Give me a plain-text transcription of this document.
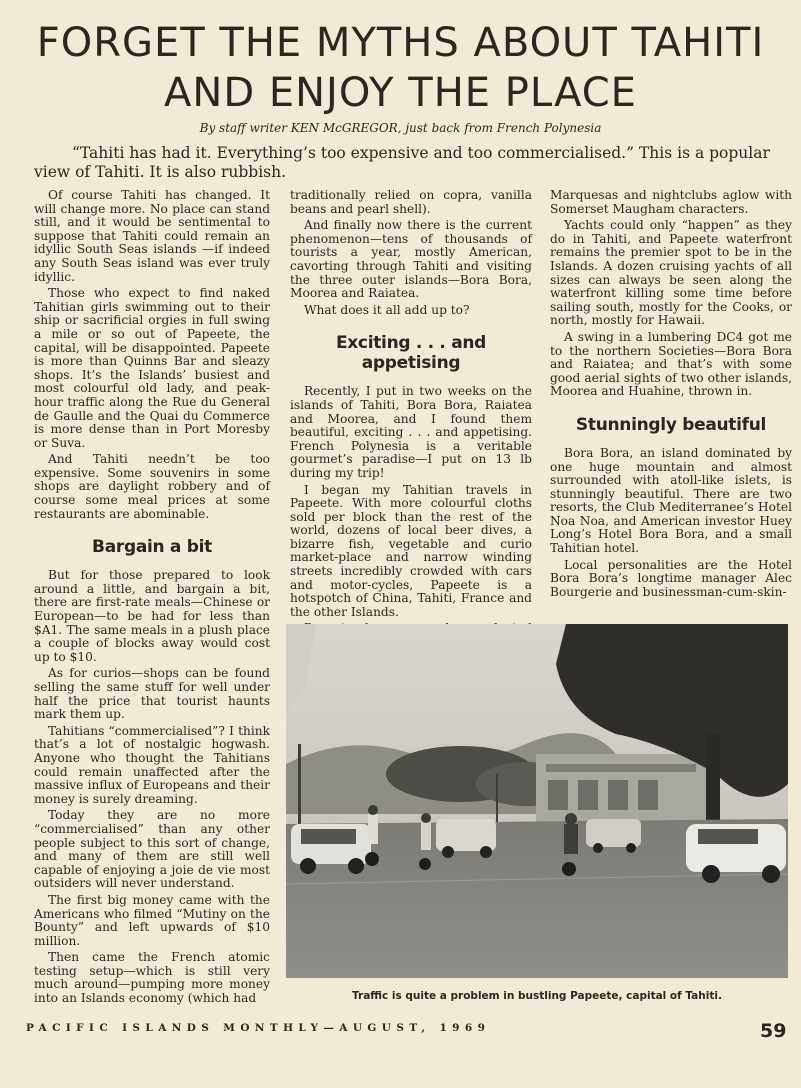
FORGET THE MYTHS ABOUT TAHITI
AND ENJOY THE PLACE
By staff writer KEN McGREGOR, just back from French Polynesia

“Tahiti has had it. Everything’s too expensive and too commercialised.” This is a popular view of Tahiti. It is also rubbish.

Of course Tahiti has changed. It will change more. No place can stand still, and it would be sentimental to suppose that Tahiti could remain an idyllic South Seas islands —if indeed any South Seas island was ever truly idyllic.

Those who expect to find naked Tahitian girls swimming out to their ship or sacrificial orgies in full swing a mile or so out of Papeete, the capital, will be disappointed. Papeete is more than Quinns Bar and sleazy shops. It’s the Islands’ busiest and most colourful old lady, and peak-hour traffic along the Rue du General de Gaulle and the Quai du Commerce is more dense than in Port Moresby or Suva.

And Tahiti needn’t be too expensive. Some souvenirs in some shops are daylight robbery and of course some meal prices at some restaurants are abominable.

Bargain a bit

But for those prepared to look around a little, and bargain a bit, there are first-rate meals—Chinese or European—to be had for less than $A1. The same meals in a plush place a couple of blocks away would cost up to $10.

As for curios—shops can be found selling the same stuff for well under half the price that tourist haunts mark them up.

Tahitians “commercialised”? I think that’s a lot of nostalgic hogwash. Anyone who thought the Tahitians could remain unaffected after the massive influx of Europeans and their money is surely dreaming.

Today they are no more “commercialised” than any other people subject to this sort of change, and many of them are still well capable of enjoying a joie de vie most outsiders will never understand.

The first big money came with the Americans who filmed “Mutiny on the Bounty” and left upwards of $10 million.

Then came the French atomic testing setup—which is still very much around—pumping more money into an Islands economy (which had

traditionally relied on copra, vanilla beans and pearl shell).

And finally now there is the current phenomenon—tens of thousands of tourists a year, mostly American, cavorting through Tahiti and visiting the three outer islands—Bora Bora, Moorea and Raiatea.

What does it all add up to?

Exciting . . . and appetising

Recently, I put in two weeks on the islands of Tahiti, Bora Bora, Raiatea and Moorea, and I found them beautiful, exciting . . . and appetising. French Polynesia is a veritable gourmet’s paradise—I put on 13 lb during my trip!

I began my Tahitian travels in Papeete. With more colourful cloths sold per block than the rest of the world, dozens of local beer dives, a bizarre fish, vegetable and curio market-place and narrow winding streets incredibly crowded with cars and motor-cycles, Papeete is a hotspotch of China, Tahiti, France and the other Islands.

Marquesas and nightclubs aglow with Somerset Maugham characters.

Yachts could only “happen” as they do in Tahiti, and Papeete waterfront remains the premier spot to be in the Islands. A dozen cruising yachts of all sizes can always be seen along the waterfront killing some time before sailing south, mostly for the Cooks, or north, mostly for Hawaii.

A swing in a lumbering DC4 got me to the northern Societies—Bora Bora and Raiatea; and that’s with some good aerial sights of two other islands, Moorea and Huahine, thrown in.

Stunningly beautiful

Bora Bora, an island dominated by one huge mountain and almost surrounded with atoll-like islets, is stunningly beautiful. There are two resorts, the Club Mediterranee’s Hotel Noa Noa, and American investor Huey Long’s Hotel Bora Bora, and a small Tahitian hotel.

Local personalities are the Hotel Bora Bora’s longtime manager Alec Bourgerie and businessman-cum-skin-

Traffic is quite a problem in bustling Papeete, capital of Tahiti.
PACIFIC ISLANDS MONTHLY—AUGUST, 1969	59
